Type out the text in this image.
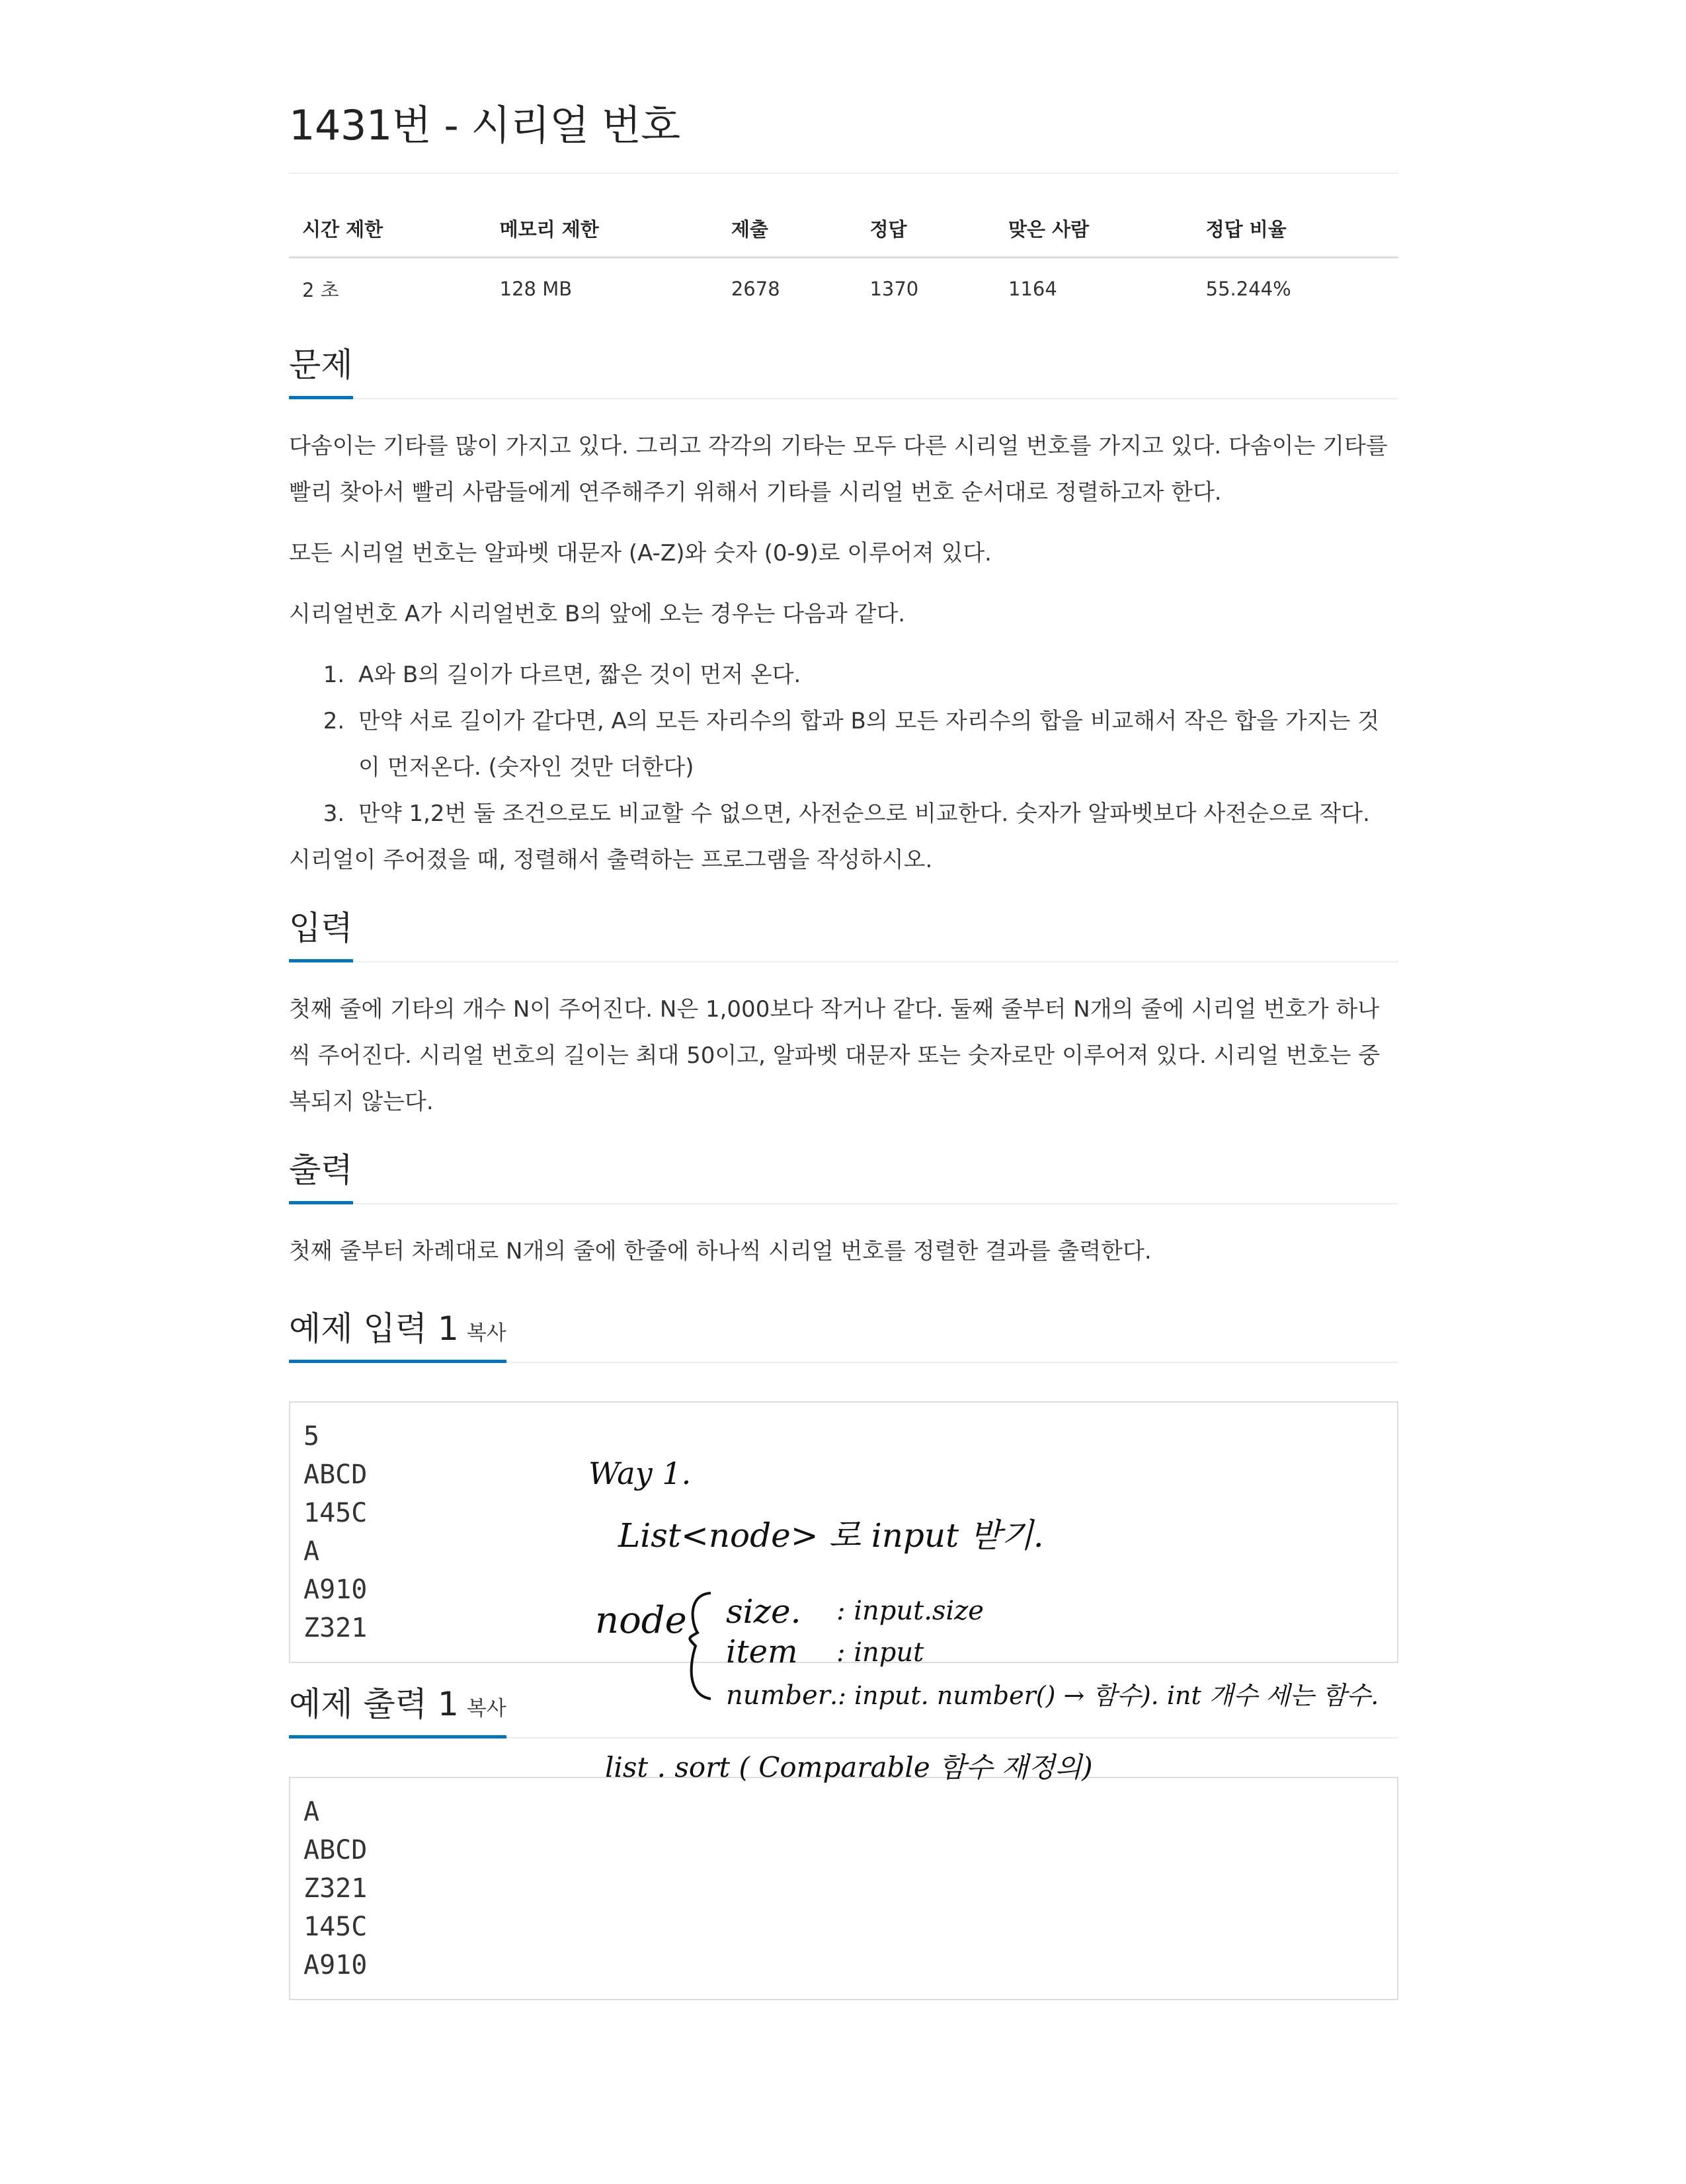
1431번 - 시리얼 번호
시간 제한	메모리 제한	제출	정답	맞은 사람	정답 비율
2 초	128 MB	2678	1370	1164	55.244%
문제

다솜이는 기타를 많이 가지고 있다. 그리고 각각의 기타는 모두 다른 시리얼 번호를 가지고 있다. 다솜이는 기타를 빨리 찾아서 빨리 사람들에게 연주해주기 위해서 기타를 시리얼 번호 순서대로 정렬하고자 한다.

모든 시리얼 번호는 알파벳 대문자 (A-Z)와 숫자 (0-9)로 이루어져 있다.

시리얼번호 A가 시리얼번호 B의 앞에 오는 경우는 다음과 같다.

1. A와 B의 길이가 다르면, 짧은 것이 먼저 온다.
2. 만약 서로 길이가 같다면, A의 모든 자리수의 합과 B의 모든 자리수의 합을 비교해서 작은 합을 가지는 것이 먼저온다. (숫자인 것만 더한다)
3. 만약 1,2번 둘 조건으로도 비교할 수 없으면, 사전순으로 비교한다. 숫자가 알파벳보다 사전순으로 작다.

시리얼이 주어졌을 때, 정렬해서 출력하는 프로그램을 작성하시오.

입력

첫째 줄에 기타의 개수 N이 주어진다. N은 1,000보다 작거나 같다. 둘째 줄부터 N개의 줄에 시리얼 번호가 하나씩 주어진다. 시리얼 번호의 길이는 최대 50이고, 알파벳 대문자 또는 숫자로만 이루어져 있다. 시리얼 번호는 중복되지 않는다.

출력

첫째 줄부터 차례대로 N개의 줄에 한줄에 하나씩 시리얼 번호를 정렬한 결과를 출력한다.

예제 입력 1 복사
5
ABCD
145C
A
A910
Z321
예제 출력 1 복사
A
ABCD
Z321
145C
A910
Way 1.
List<node> 로 input 받기.
node size. : input.size
item : input
number .: input. number() → 함수). int 개수 세는 함수.
list . sort ( Comparable 함수 재정의)
